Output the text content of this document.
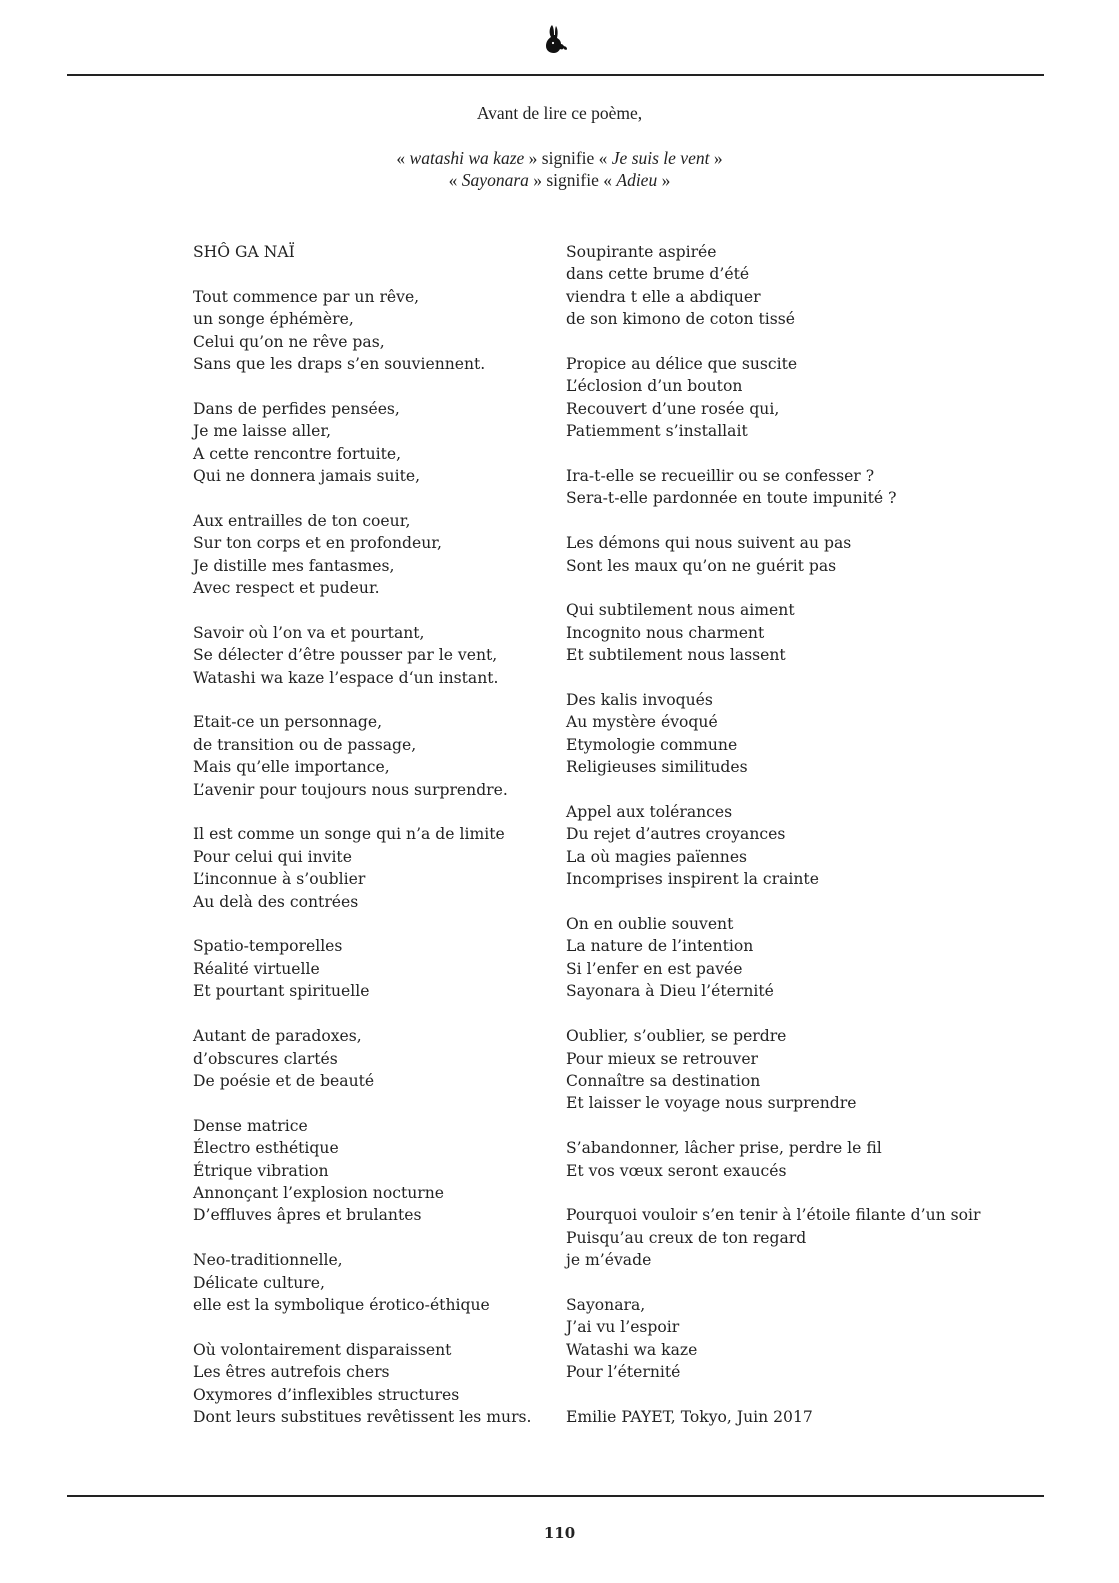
Avant de lire ce poème,
« watashi wa kaze » signifie « Je suis le vent »
« Sayonara » signifie « Adieu »
SHÔ GA NAÏ
Tout commence par un rêve,
un songe éphémère,
Celui qu’on ne rêve pas,
Sans que les draps s’en souviennent.
Dans de perfides pensées,
Je me laisse aller,
A cette rencontre fortuite,
Qui ne donnera jamais suite,
Aux entrailles de ton coeur,
Sur ton corps et en profondeur,
Je distille mes fantasmes,
Avec respect et pudeur.
Savoir où l’on va et pourtant,
Se délecter d’être pousser par le vent,
Watashi wa kaze l’espace d‘un instant.
Etait-ce un personnage,
de transition ou de passage,
Mais qu’elle importance,
L’avenir pour toujours nous surprendre.
Il est comme un songe qui n’a de limite
Pour celui qui invite
L’inconnue à s’oublier
Au delà des contrées
Spatio-temporelles
Réalité virtuelle
Et pourtant spirituelle
Autant de paradoxes,
d’obscures clartés
De poésie et de beauté
Dense matrice
Électro esthétique
Étrique vibration
Annonçant l’explosion nocturne
D’effluves âpres et brulantes
Neo-traditionnelle,
Délicate culture,
elle est la symbolique érotico-éthique
Où volontairement disparaissent
Les êtres autrefois chers
Oxymores d’inflexibles structures
Dont leurs substitues revêtissent les murs.
Soupirante aspirée
dans cette brume d’été
viendra t elle a abdiquer
de son kimono de coton tissé
Propice au délice que suscite
L’éclosion d’un bouton
Recouvert d’une rosée qui,
Patiemment s’installait
Ira-t-elle se recueillir ou se confesser ?
Sera-t-elle pardonnée en toute impunité ?
Les démons qui nous suivent au pas
Sont les maux qu’on ne guérit pas
Qui subtilement nous aiment
Incognito nous charment
Et subtilement nous lassent
Des kalis invoqués
Au mystère évoqué
Etymologie commune
Religieuses similitudes
Appel aux tolérances
Du rejet d’autres croyances
La où magies païennes
Incomprises inspirent la crainte
On en oublie souvent
La nature de l’intention
Si l’enfer en est pavée
Sayonara à Dieu l’éternité
Oublier, s’oublier, se perdre
Pour mieux se retrouver
Connaître sa destination
Et laisser le voyage nous surprendre
S’abandonner, lâcher prise, perdre le fil
Et vos vœux seront exaucés
Pourquoi vouloir s’en tenir à l’étoile filante d’un soir
Puisqu’au creux de ton regard
je m’évade
Sayonara,
J’ai vu l’espoir
Watashi wa kaze
Pour l’éternité
Emilie PAYET, Tokyo, Juin 2017
110
